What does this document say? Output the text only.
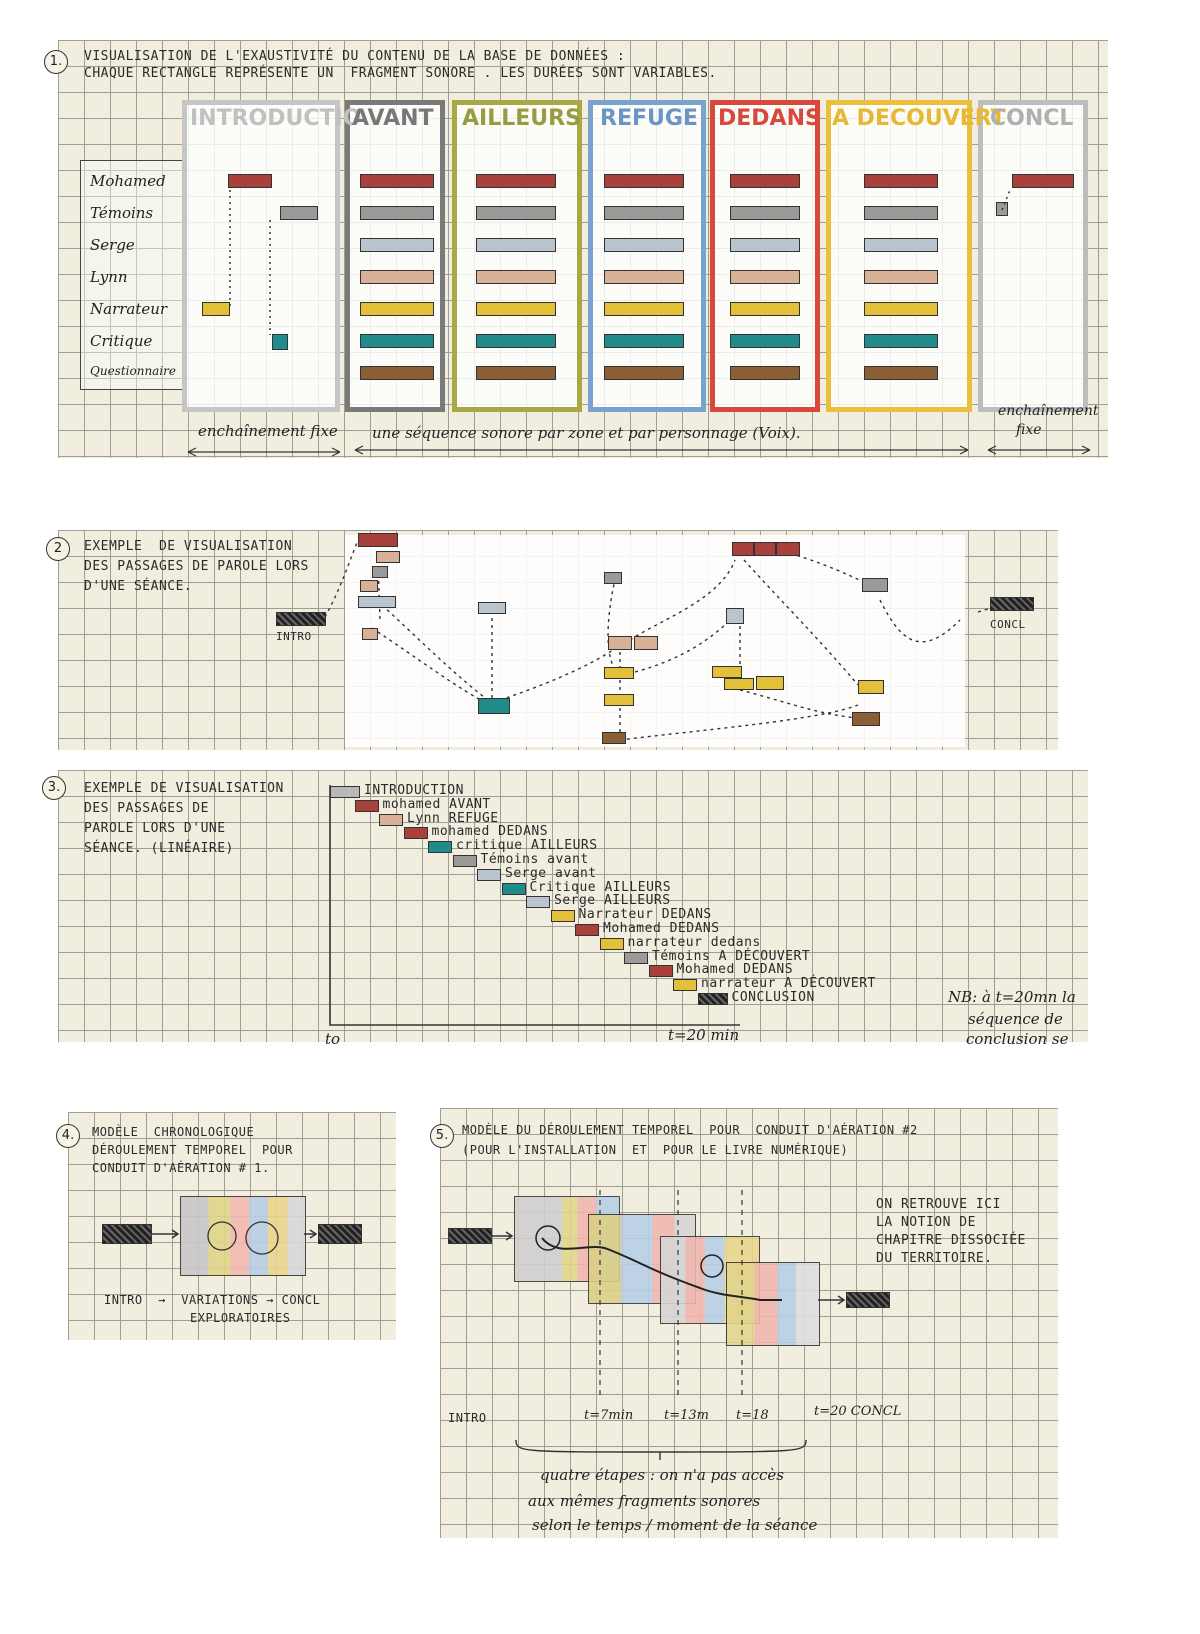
1.	VISUALISATION DE L'EXAUSTIVITÉ DU CONTENU DE LA BASE DE DONNÉES :
CHAQUE RECTANGLE REPRÉSENTE UN  FRAGMENT SONORE . LES DURÉES SONT VARIABLES.
Mohamed
Témoins
Serge
Lynn
Narrateur
Critique
Questionnaire
INTRODUCTIO
AVANT AILLEURS REFUGE DEDANS A DECOUVERT
CONCL
enchaînement fixe une séquence sonore par zone et par personnage (Voix).
enchaînement
fixe
2	EXEMPLE  DE VISUALISATION
DES PASSAGES DE PAROLE LORS
D'UNE SÉANCE.
INTRO
CONCL
3.	EXEMPLE DE VISUALISATION
DES PASSAGES DE
PAROLE LORS D'UNE
SÉANCE. (LINÉAIRE)
INTRODUCTION
mohamed AVANT
Lynn REFUGE
mohamed DEDANS
critique AILLEURS
Témoins avant
Serge avant
Critique AILLEURS
Serge AILLEURS
Narrateur DEDANS
Mohamed DEDANS
narrateur dedans
Témoins A DÉCOUVERT
Mohamed DEDANS
narrateur A DÉCOUVERT
CONCLUSION
to	t=20 min
NB: à t=20mn la
séquence de
conclusion se
4.	MODÈLE  CHRONOLOGIQUE
DÉROULEMENT TEMPOREL  POUR
CONDUIT D'AÉRATION # 1.
INTRO  →  VARIATIONS → CONCL
EXPLORATOIRES
5.	MODÈLE DU DÉROULEMENT TEMPOREL  POUR  CONDUIT D'AÉRATION #2
(POUR L'INSTALLATION  ET  POUR LE LIVRE NUMÉRIQUE)
ON RETROUVE ICI
LA NOTION DE
CHAPITRE DISSOCIÉE
DU TERRITOIRE.
INTRO	t=7min t=13m t=18	t=20 CONCL
quatre étapes : on n'a pas accès
aux mêmes fragments sonores
selon le temps / moment de la séance
